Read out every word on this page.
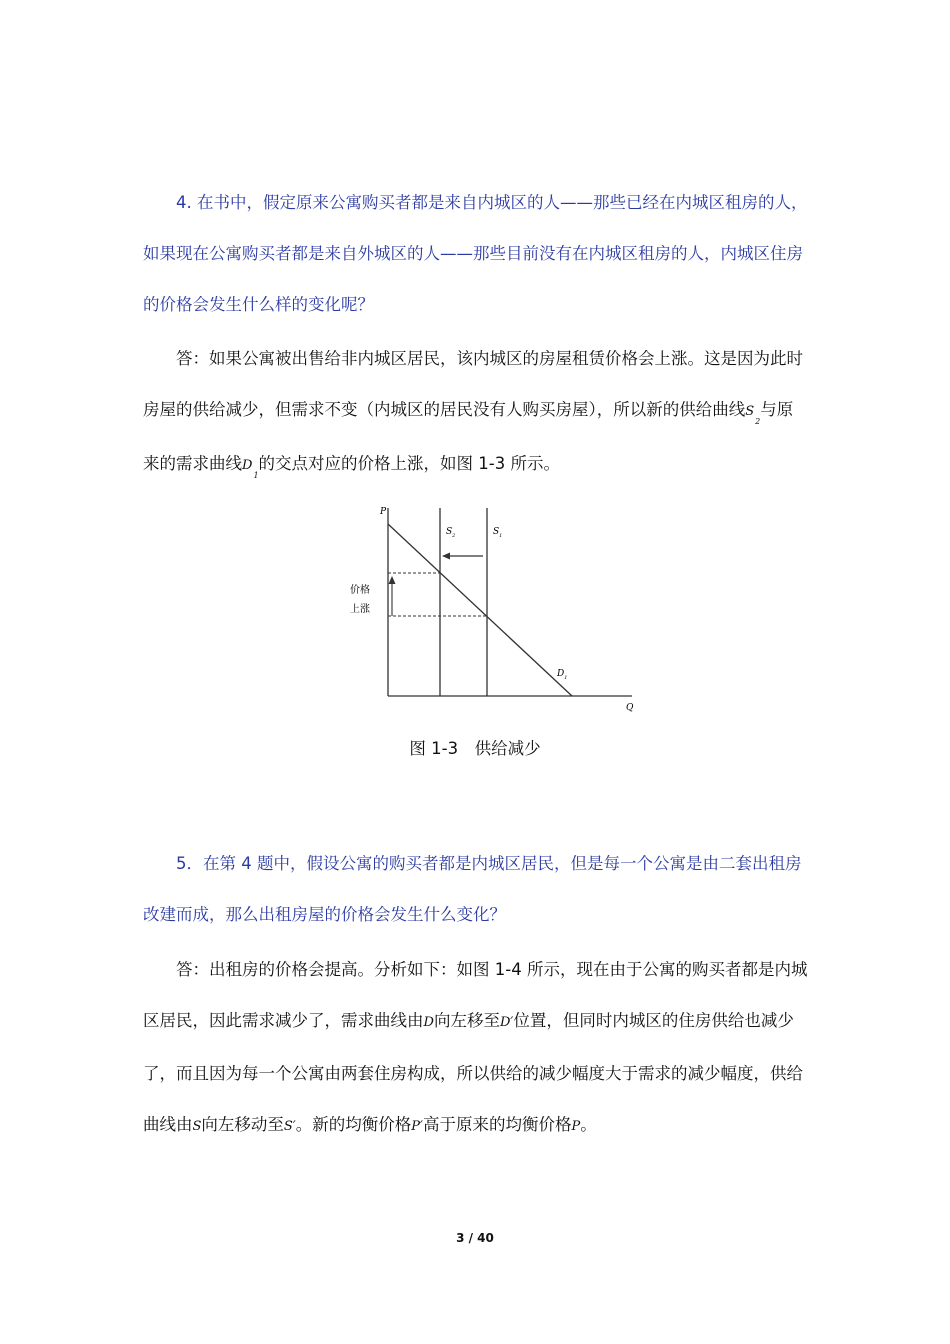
4. 在书中，假定原来公寓购买者都是来自内城区的人——那些已经在内城区租房的人，如果现在公寓购买者都是来自外城区的人——那些目前没有在内城区租房的人，内城区住房的价格会发生什么样的变化呢？

答：如果公寓被出售给非内城区居民，该内城区的房屋租赁价格会上涨。这是因为此时房屋的供给减少，但需求不变（内城区的居民没有人购买房屋），所以新的供给曲线$S_2$与原来的需求曲线$D_1$的交点对应的价格上涨，如图 1-3 所示。

P
Q
$S_2$	$S_1$
$D_1$
价格
上涨
图 1-3　供给减少

5．在第 4 题中，假设公寓的购买者都是内城区居民，但是每一个公寓是由二套出租房改建而成，那么出租房屋的价格会发生什么变化？

答：出租房的价格会提高。分析如下：如图 1-4 所示，现在由于公寓的购买者都是内城区居民，因此需求减少了，需求曲线由D向左移至D′位置，但同时内城区的住房供给也减少了，而且因为每一个公寓由两套住房构成，所以供给的减少幅度大于需求的减少幅度，供给曲线由S向左移动至S′。新的均衡价格P′高于原来的均衡价格P。

3 / 40
